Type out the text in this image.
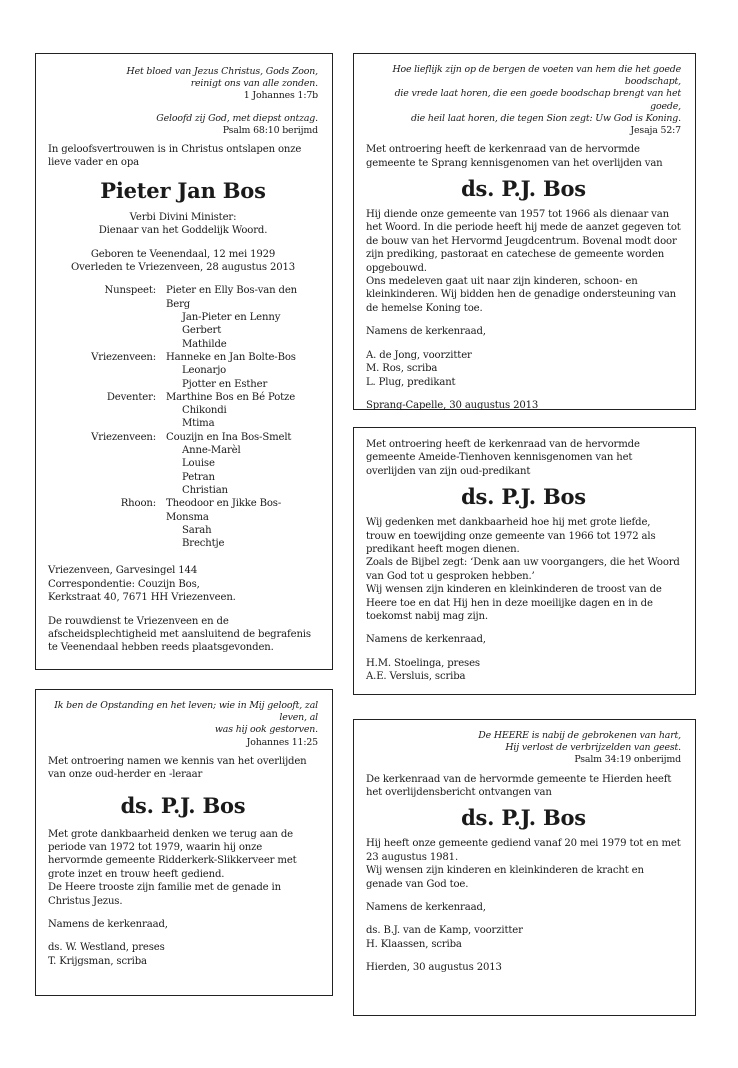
Het bloed van Jezus Christus, Gods Zoon,
reinigt ons van alle zonden.
1 Johannes 1:7b
Geloofd zij God, met diepst ontzag.
Psalm 68:10 berijmd

In geloofsvertrouwen is in Christus ontslapen onze lieve vader en opa

Pieter Jan Bos

Verbi Divini Minister:

Dienaar van het Goddelijk Woord.

Geboren te Veenendaal, 12 mei 1929

Overleden te Vriezenveen, 28 augustus 2013

Nunspeet: Pieter en Elly Bos-van den Berg
Jan-Pieter en Lenny
Gerbert
Mathilde
Vriezenveen: Hanneke en Jan Bolte-Bos
Leonarjo
Pjotter en Esther
Deventer: Marthine Bos en Bé Potze
Chikondi
Mtima
Vriezenveen: Couzijn en Ina Bos-Smelt
Anne-Marèl
Louise
Petran
Christian
Rhoon: Theodoor en Jikke Bos-Monsma
Sarah
Brechtje

Vriezenveen, Garvesingel 144

Correspondentie: Couzijn Bos,

Kerkstraat 40, 7671 HH Vriezenveen.

De rouwdienst te Vriezenveen en de afscheidsplechtigheid met aansluitend de begrafenis te Veenendaal hebben reeds plaatsgevonden.

Hoe lieflijk zijn op de bergen de voeten van hem die het goede boodschapt,
die vrede laat horen, die een goede boodschap brengt van het goede,
die heil laat horen, die tegen Sion zegt: Uw God is Koning.
Jesaja 52:7

Met ontroering heeft de kerkenraad van de hervormde gemeente te Sprang kennisgenomen van het overlijden van

ds. P.J. Bos

Hij diende onze gemeente van 1957 tot 1966 als dienaar van het Woord. In die periode heeft hij mede de aanzet gegeven tot de bouw van het Hervormd Jeugdcentrum. Bovenal modt door zijn prediking, pastoraat en catechese de gemeente worden opgebouwd.

Ons medeleven gaat uit naar zijn kinderen, schoon- en kleinkinderen. Wij bidden hen de genadige ondersteuning van de hemelse Koning toe.

Namens de kerkenraad,

A. de Jong, voorzitter

M. Ros, scriba

L. Plug, predikant

Sprang-Capelle, 30 augustus 2013

Met ontroering heeft de kerkenraad van de hervormde gemeente Ameide-Tienhoven kennisgenomen van het overlijden van zijn oud-predikant

ds. P.J. Bos

Wij gedenken met dankbaarheid hoe hij met grote liefde, trouw en toewijding onze gemeente van 1966 tot 1972 als predikant heeft mogen dienen.

Zoals de Bijbel zegt: ‘Denk aan uw voorgangers, die het Woord van God tot u gesproken hebben.’

Wij wensen zijn kinderen en kleinkinderen de troost van de Heere toe en dat Hij hen in deze moeilijke dagen en in de toekomst nabij mag zijn.

Namens de kerkenraad,

H.M. Stoelinga, preses

A.E. Versluis, scriba

Ik ben de Opstanding en het leven; wie in Mij gelooft, zal leven, al
was hij ook gestorven.
Johannes 11:25

Met ontroering namen we kennis van het overlijden van onze oud-herder en -leraar

ds. P.J. Bos

Met grote dankbaarheid denken we terug aan de periode van 1972 tot 1979, waarin hij onze hervormde gemeente Ridderkerk-Slikkerveer met grote inzet en trouw heeft gediend.

De Heere trooste zijn familie met de genade in Christus Jezus.

Namens de kerkenraad,

ds. W. Westland, preses

T. Krijgsman, scriba

De HEERE is nabij de gebrokenen van hart,
Hij verlost de verbrijzelden van geest.
Psalm 34:19 onberijmd

De kerkenraad van de hervormde gemeente te Hierden heeft het overlijdensbericht ontvangen van

ds. P.J. Bos

Hij heeft onze gemeente gediend vanaf 20 mei 1979 tot en met 23 augustus 1981.

Wij wensen zijn kinderen en kleinkinderen de kracht en genade van God toe.

Namens de kerkenraad,

ds. B.J. van de Kamp, voorzitter

H. Klaassen, scriba

Hierden, 30 augustus 2013
